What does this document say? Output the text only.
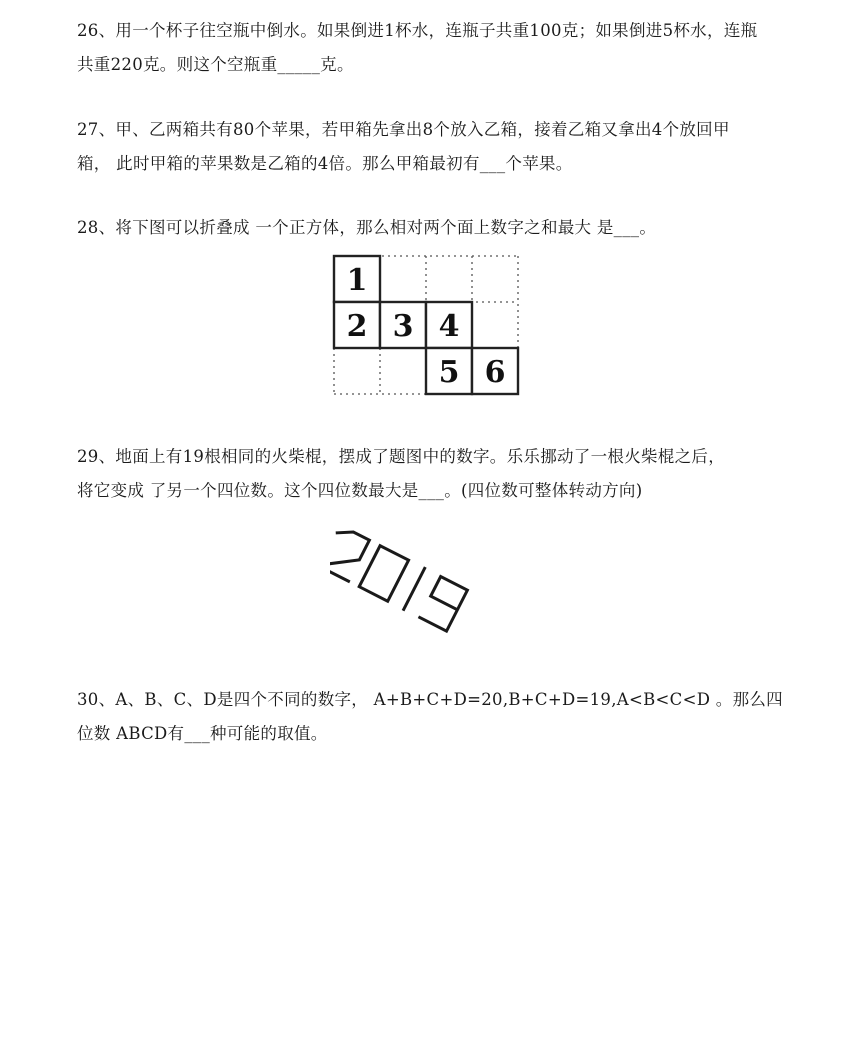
26、用一个杯子往空瓶中倒水。如果倒进1杯水，连瓶子共重100克；如果倒进5杯水，连瓶
共重220克。则这个空瓶重_____克。
27、甲、乙两箱共有80个苹果，若甲箱先拿出8个放入乙箱，接着乙箱又拿出4个放回甲
箱， 此时甲箱的苹果数是乙箱的4倍。那么甲箱最初有___个苹果。
28、将下图可以折叠成 一个正方体，那么相对两个面上数字之和最大 是___。
1
2 3 4
5 6
29、地面上有19根相同的火柴棍，摆成了题图中的数字。乐乐挪动了一根火柴棍之后，
将它变成 了另一个四位数。这个四位数最大是___。(四位数可整体转动方向)
30、A、B、C、D是四个不同的数字， A+B+C+D=20,B+C+D=19,A<B<C<D 。那么四
位数 ABCD有___种可能的取值。
